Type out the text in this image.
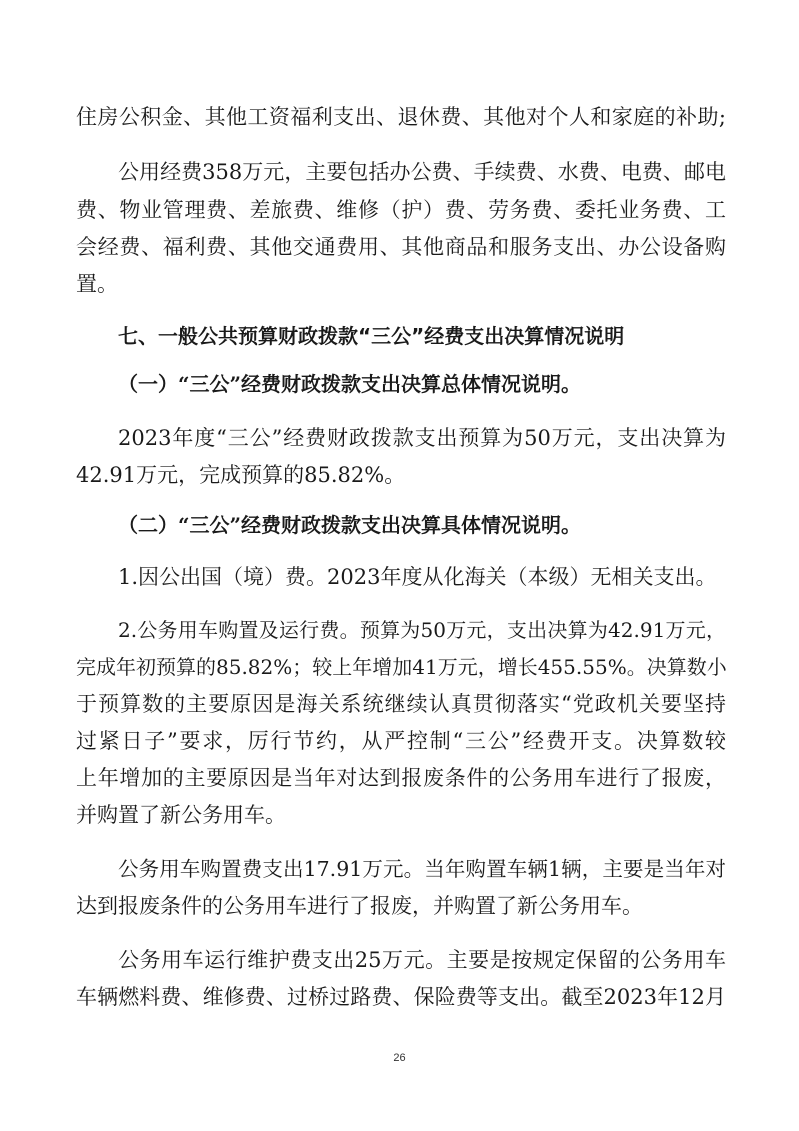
住房公积金、其他工资福利支出、退休费、其他对个人和家庭的补助;
公用经费358万元，主要包括办公费、手续费、水费、电费、邮电
费、物业管理费、差旅费、维修（护）费、劳务费、委托业务费、工
会经费、福利费、其他交通费用、其他商品和服务支出、办公设备购
置。
七、一般公共预算财政拨款“三公”经费支出决算情况说明
（一）“三公”经费财政拨款支出决算总体情况说明。
2023年度“三公”经费财政拨款支出预算为50万元，支出决算为
42.91万元，完成预算的85.82%。
（二）“三公”经费财政拨款支出决算具体情况说明。
1.因公出国（境）费。2023年度从化海关（本级）无相关支出。
2.公务用车购置及运行费。预算为50万元，支出决算为42.91万元，
完成年初预算的85.82%；较上年增加41万元，增长455.55%。决算数小
于预算数的主要原因是海关系统继续认真贯彻落实“党政机关要坚持
过紧日子”要求，厉行节约，从严控制“三公”经费开支。决算数较
上年增加的主要原因是当年对达到报废条件的公务用车进行了报废，
并购置了新公务用车。
公务用车购置费支出17.91万元。当年购置车辆1辆，主要是当年对
达到报废条件的公务用车进行了报废，并购置了新公务用车。
公务用车运行维护费支出25万元。主要是按规定保留的公务用车
车辆燃料费、维修费、过桥过路费、保险费等支出。截至2023年12月
26
